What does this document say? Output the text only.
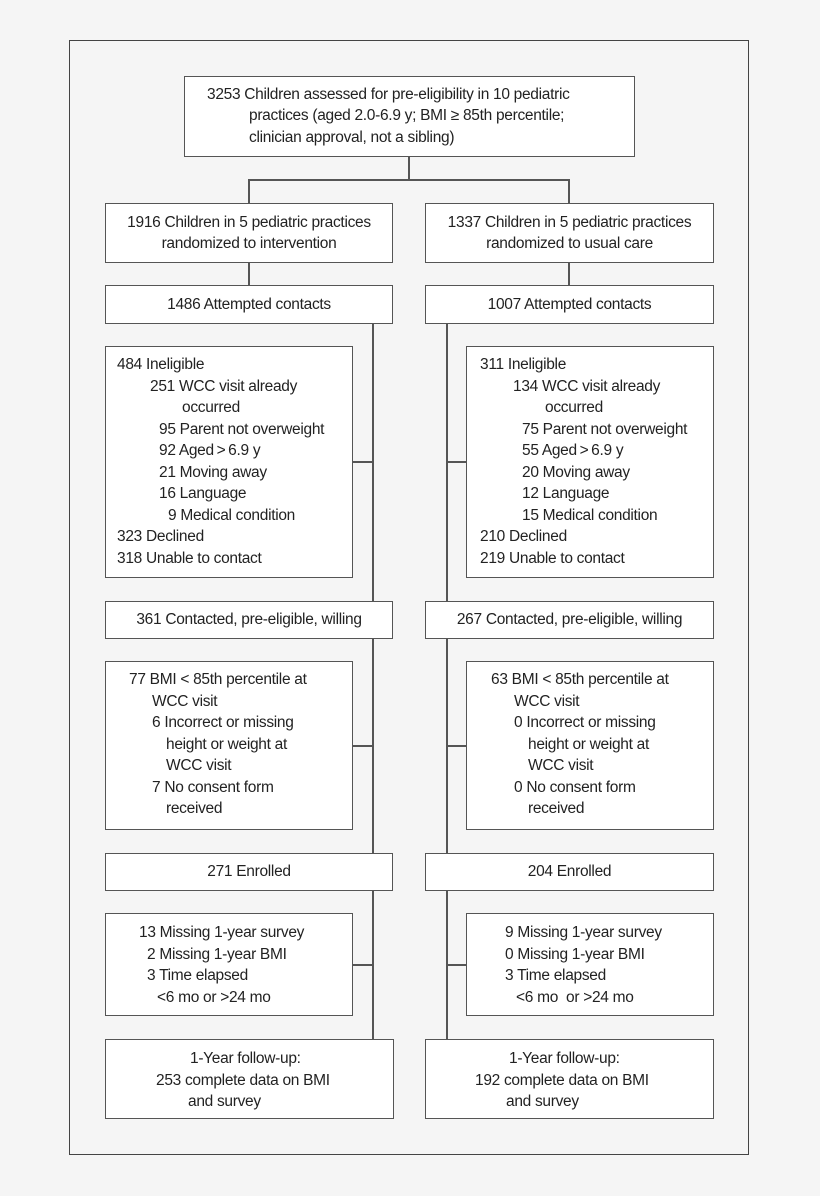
3253 Children assessed for pre-eligibility in 10 pediatric
practices (aged 2.0-6.9 y; BMI ≥ 85th percentile;
clinician approval, not a sibling)
1916 Children in 5 pediatric practices
randomized to intervention
1337 Children in 5 pediatric practices
randomized to usual care
1486 Attempted contacts	1007 Attempted contacts
484 Ineligible
251 WCC visit already
occurred
95 Parent not overweight
92 Aged > 6.9 y
21 Moving away
16 Language
9 Medical condition
323 Declined
318 Unable to contact
311 Ineligible
134 WCC visit already
occurred
75 Parent not overweight
55 Aged > 6.9 y
20 Moving away
12 Language
15 Medical condition
210 Declined
219 Unable to contact
361 Contacted, pre-eligible, willing	267 Contacted, pre-eligible, willing
77 BMI < 85th percentile at
WCC visit
6 Incorrect or missing
height or weight at
WCC visit
7 No consent form
received
63 BMI < 85th percentile at
WCC visit
0 Incorrect or missing
height or weight at
WCC visit
0 No consent form
received
271 Enrolled	204 Enrolled
13 Missing 1-year survey
2 Missing 1-year BMI
3 Time elapsed
<6 mo or >24 mo
9 Missing 1-year survey
0 Missing 1-year BMI
3 Time elapsed
<6 mo  or >24 mo
1-Year follow-up:
253 complete data on BMI
and survey
1-Year follow-up:
192 complete data on BMI
and survey
